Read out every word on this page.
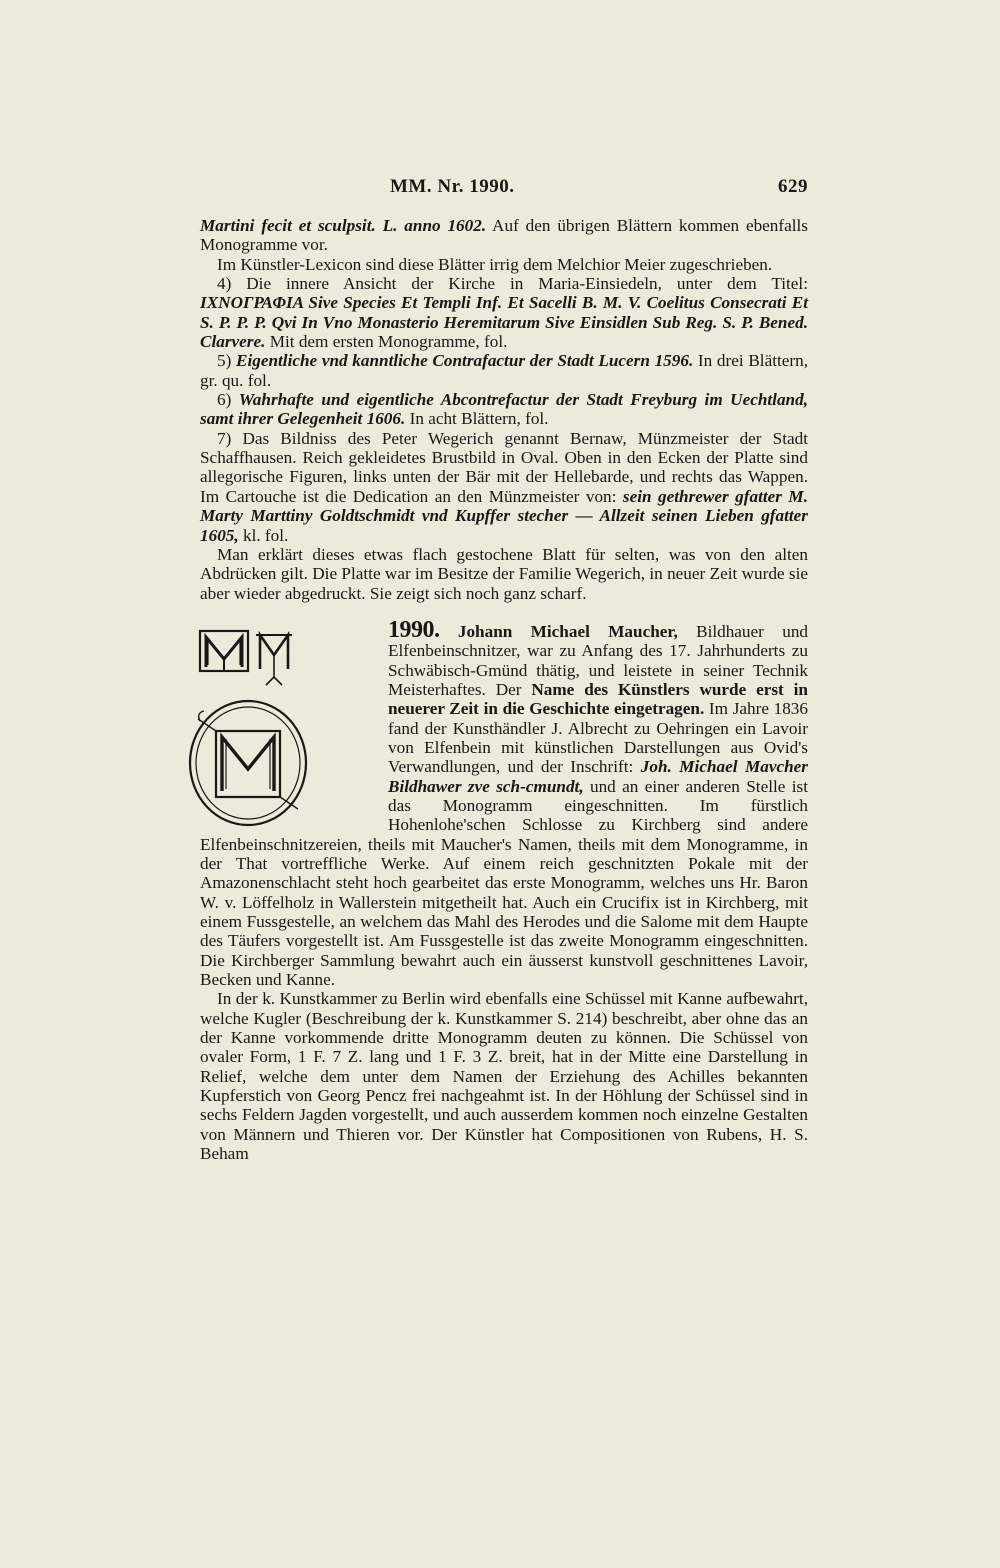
MM. Nr. 1990.	629

Martini fecit et sculpsit. L. anno 1602. Auf den übrigen Blättern kommen ebenfalls Monogramme vor.

Im Künstler-Lexicon sind diese Blätter irrig dem Melchior Meier zugeschrieben.

4) Die innere Ansicht der Kirche in Maria-Einsiedeln, unter dem Titel: ΙΧΝΟΓΡΑΦΙΑ Sive Species Et Templi Inf. Et Sacelli B. M. V. Coelitus Consecrati Et S. P. P. P. Qvi In Vno Monasterio Heremitarum Sive Einsidlen Sub Reg. S. P. Bened. Clarvere. Mit dem ersten Monogramme, fol.

5) Eigentliche vnd kanntliche Contrafactur der Stadt Lucern 1596. In drei Blättern, gr. qu. fol.

6) Wahrhafte und eigentliche Abcontrefactur der Stadt Freyburg im Uechtland, samt ihrer Gelegenheit 1606. In acht Blättern, fol.

7) Das Bildniss des Peter Wegerich genannt Bernaw, Münzmeister der Stadt Schaffhausen. Reich gekleidetes Brustbild in Oval. Oben in den Ecken der Platte sind allegorische Figuren, links unten der Bär mit der Hellebarde, und rechts das Wappen. Im Cartouche ist die Dedication an den Münzmeister von: sein gethrewer gfatter M. Marty Marttiny Goldtschmidt vnd Kupffer stecher — Allzeit seinen Lieben gfatter 1605, kl. fol.

Man erklärt dieses etwas flach gestochene Blatt für selten, was von den alten Abdrücken gilt. Die Platte war im Besitze der Familie Wegerich, in neuer Zeit wurde sie aber wieder abgedruckt. Sie zeigt sich noch ganz scharf.

1990. Johann Michael Maucher, Bildhauer und Elfenbeinschnitzer, war zu Anfang des 17. Jahrhunderts zu Schwäbisch-Gmünd thätig, und leistete in seiner Technik Meisterhaftes. Der Name des Künstlers wurde erst in neuerer Zeit in die Geschichte eingetragen. Im Jahre 1836 fand der Kunsthändler J. Albrecht zu Oehringen ein Lavoir von Elfenbein mit künstlichen Darstellungen aus Ovid's Verwandlungen, und der Inschrift: Joh. Michael Mavcher Bildhawer zve sch-cmundt, und an einer anderen Stelle ist das Monogramm eingeschnitten. Im fürstlich Hohenlohe'schen Schlosse zu Kirchberg sind andere Elfenbeinschnitzereien, theils mit Maucher's Namen, theils mit dem Monogramme, in der That vortreffliche Werke. Auf einem reich geschnitzten Pokale mit der Amazonenschlacht steht hoch gearbeitet das erste Monogramm, welches uns Hr. Baron W. v. Löffelholz in Wallerstein mitgetheilt hat. Auch ein Crucifix ist in Kirchberg, mit einem Fussgestelle, an welchem das Mahl des Herodes und die Salome mit dem Haupte des Täufers vorgestellt ist. Am Fussgestelle ist das zweite Monogramm eingeschnitten. Die Kirchberger Sammlung bewahrt auch ein äusserst kunstvoll geschnittenes Lavoir, Becken und Kanne.

In der k. Kunstkammer zu Berlin wird ebenfalls eine Schüssel mit Kanne aufbewahrt, welche Kugler (Beschreibung der k. Kunstkammer S. 214) beschreibt, aber ohne das an der Kanne vorkommende dritte Monogramm deuten zu können. Die Schüssel von ovaler Form, 1 F. 7 Z. lang und 1 F. 3 Z. breit, hat in der Mitte eine Darstellung in Relief, welche dem unter dem Namen der Erziehung des Achilles bekannten Kupferstich von Georg Pencz frei nachgeahmt ist. In der Höhlung der Schüssel sind in sechs Feldern Jagden vorgestellt, und auch ausserdem kommen noch einzelne Gestalten von Männern und Thieren vor. Der Künstler hat Compositionen von Rubens, H. S. Beham
